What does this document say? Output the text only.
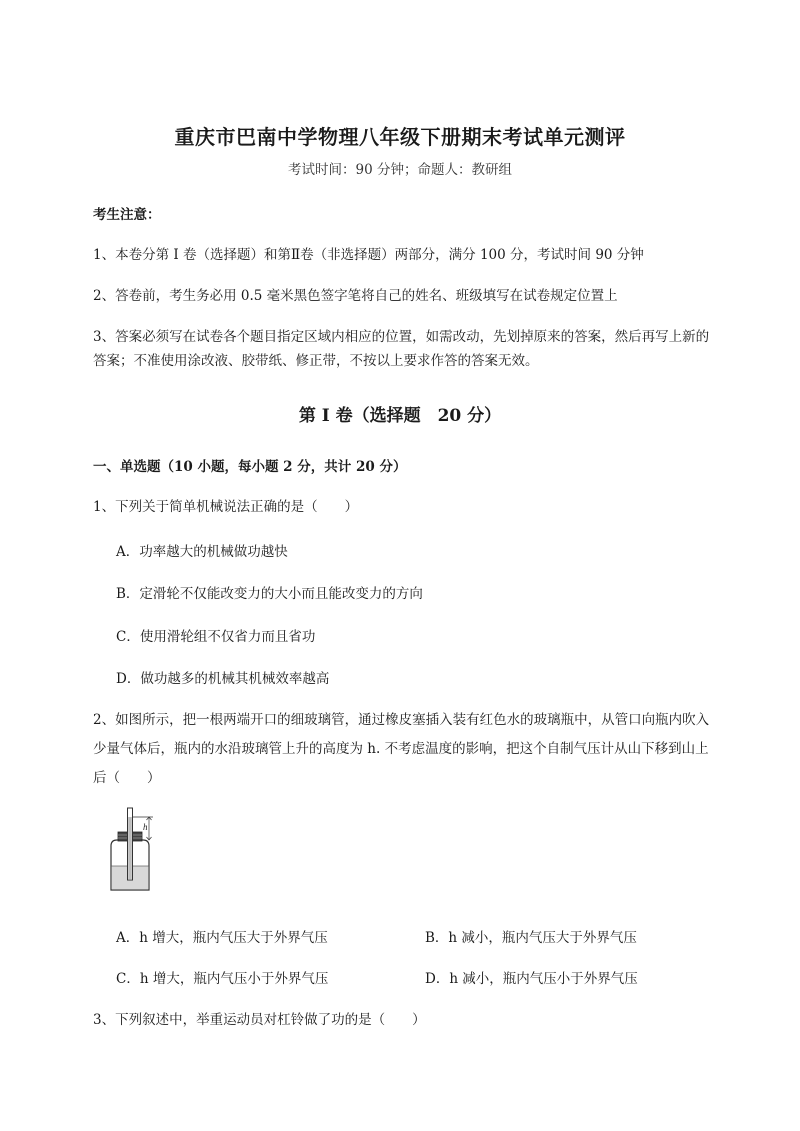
重庆市巴南中学物理八年级下册期末考试单元测评
考试时间：90 分钟；命题人：教研组
考生注意：
1、本卷分第 I 卷（选择题）和第Ⅱ卷（非选择题）两部分，满分 100 分，考试时间 90 分钟
2、答卷前，考生务必用 0.5 毫米黑色签字笔将自己的姓名、班级填写在试卷规定位置上
3、答案必须写在试卷各个题目指定区域内相应的位置，如需改动，先划掉原来的答案，然后再写上新的答案；不准使用涂改液、胶带纸、修正带，不按以上要求作答的答案无效。
第 I 卷（选择题　20 分）
一、单选题（10 小题，每小题 2 分，共计 20 分）
1、下列关于简单机械说法正确的是（　　）
A．功率越大的机械做功越快
B．定滑轮不仅能改变力的大小而且能改变力的方向
C．使用滑轮组不仅省力而且省功
D．做功越多的机械其机械效率越高
2、如图所示，把一根两端开口的细玻璃管，通过橡皮塞插入装有红色水的玻璃瓶中，从管口向瓶内吹入少量气体后，瓶内的水沿玻璃管上升的高度为 h. 不考虑温度的影响，把这个自制气压计从山下移到山上后（　　）
h
A．h 增大，瓶内气压大于外界气压	B．h 减小，瓶内气压大于外界气压
C．h 增大，瓶内气压小于外界气压	D．h 减小，瓶内气压小于外界气压
3、下列叙述中，举重运动员对杠铃做了功的是（　　）
